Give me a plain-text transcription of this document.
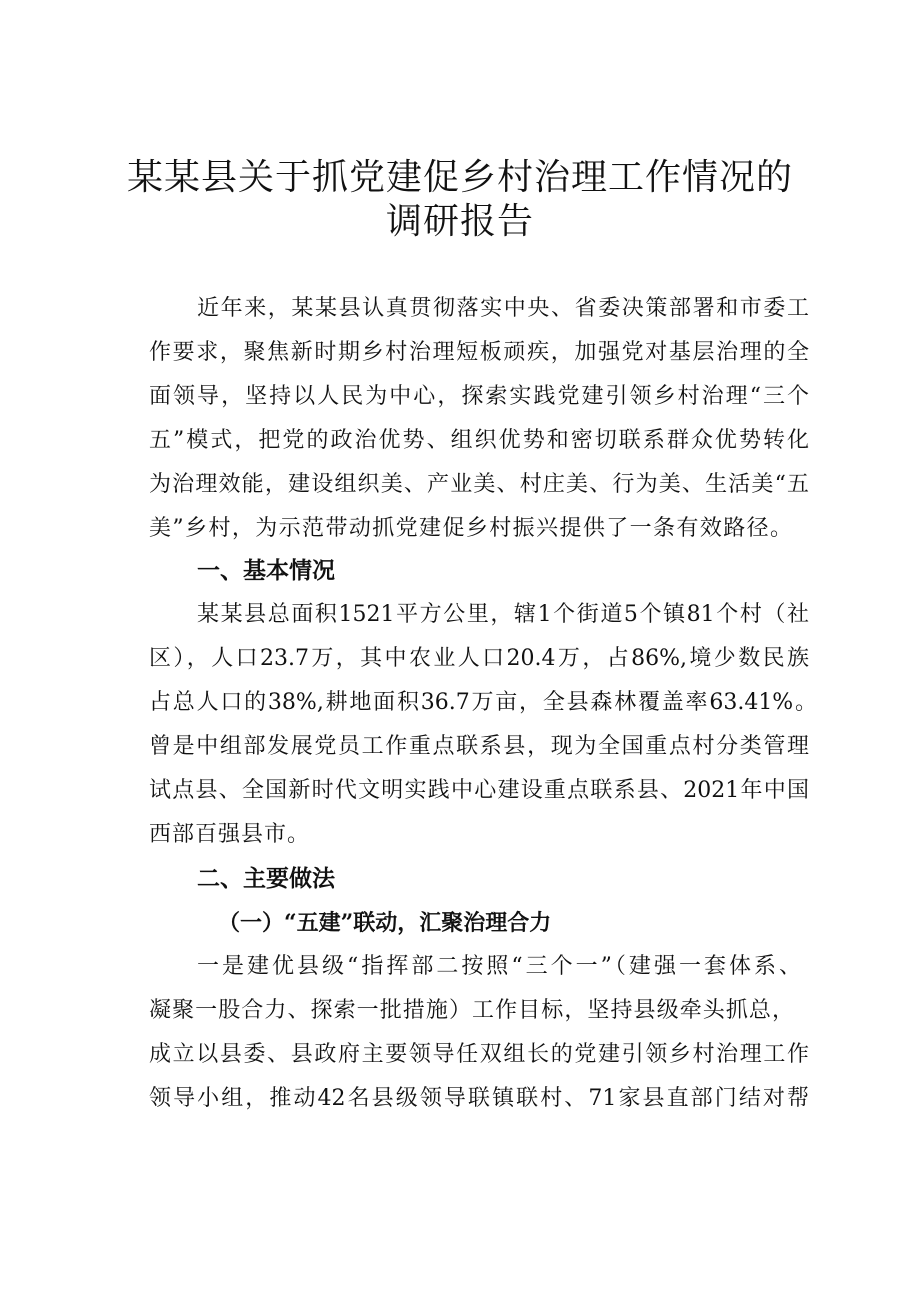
某某县关于抓党建促乡村治理工作情况的
调研报告
近年来，某某县认真贯彻落实中央、省委决策部署和市委工
作要求，聚焦新时期乡村治理短板顽疾，加强党对基层治理的全
面领导，坚持以人民为中心，探索实践党建引领乡村治理“三个
五”模式，把党的政治优势、组织优势和密切联系群众优势转化
为治理效能，建设组织美、产业美、村庄美、行为美、生活美“五
美”乡村，为示范带动抓党建促乡村振兴提供了一条有效路径。
一、基本情况
某某县总面积1521平方公里，辖1个街道5个镇81个村（社
区），人口23.7万，其中农业人口20.4万，占86%,境少数民族
占总人口的38%,耕地面积36.7万亩，全县森林覆盖率63.41%。
曾是中组部发展党员工作重点联系县，现为全国重点村分类管理
试点县、全国新时代文明实践中心建设重点联系县、2021年中国
西部百强县市。
二、主要做法
（一）“五建”联动，汇聚治理合力
一是建优县级“指挥部二按照“三个一”（建强一套体系、
凝聚一股合力、探索一批措施）工作目标，坚持县级牵头抓总，
成立以县委、县政府主要领导任双组长的党建引领乡村治理工作
领导小组，推动42名县级领导联镇联村、71家县直部门结对帮
